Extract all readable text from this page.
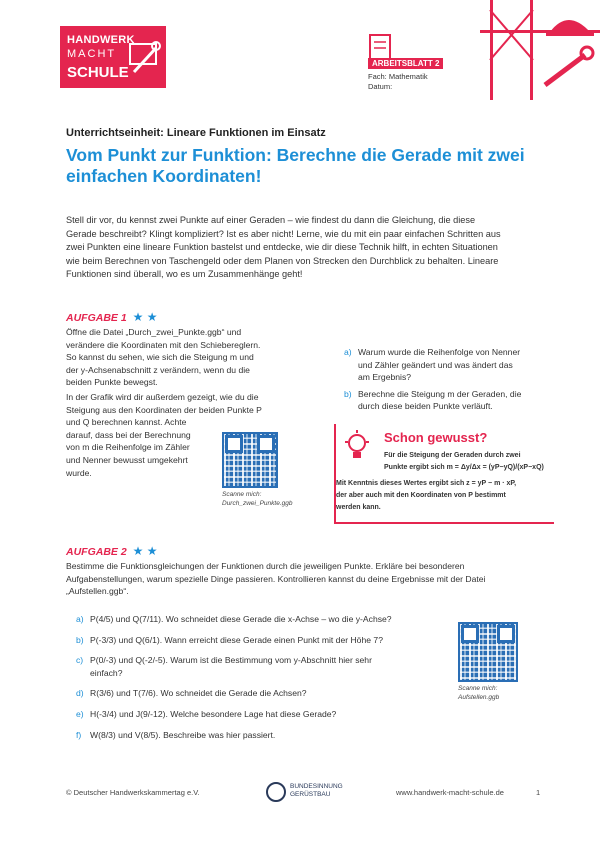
HANDWERK
MACHT
SCHULE
ARBEITSBLATT 2
Fach: Mathematik
Datum:
Unterrichtseinheit: Lineare Funktionen im Einsatz
Vom Punkt zur Funktion: Berechne die Gerade mit zwei
einfachen Koordinaten!
Stell dir vor, du kennst zwei Punkte auf einer Geraden – wie findest du dann die Gleichung, die diese
Gerade beschreibt? Klingt kompliziert? Ist es aber nicht! Lerne, wie du mit ein paar einfachen Schritten aus
zwei Punkten eine lineare Funktion bastelst und entdecke, wie dir diese Technik hilft, in echten Situationen
wie beim Berechnen von Taschengeld oder dem Planen von Strecken den Durchblick zu behalten. Lineare
Funktionen sind überall, wo es um Zusammenhänge geht!
AUFGABE 1 ★ ★
Öffne die Datei „Durch_zwei_Punkte.ggb“ und
verändere die Koordinaten mit den Schiebereglern.
So kannst du sehen, wie sich die Steigung m und
der y-Achsenabschnitt z verändern, wenn du die
beiden Punkte bewegst.
In der Grafik wird dir außerdem gezeigt, wie du die
Steigung aus den Koordinaten der beiden Punkte P
und Q berechnen kannst. Achte
darauf, dass bei der Berechnung
von m die Reihenfolge im Zähler
und Nenner bewusst umgekehrt
wurde.
Scanne mich:
Durch_zwei_Punkte.ggb
a) Warum wurde die Reihenfolge von Nenner
und Zähler geändert und was ändert das
am Ergebnis?
b) Berechne die Steigung m der Geraden, die
durch diese beiden Punkte verläuft.
Schon gewusst?
Für die Steigung der Geraden durch zwei
Punkte ergibt sich m = Δy/Δx = (yP−yQ)/(xP−xQ)
Mit Kenntnis dieses Wertes ergibt sich z = yP − m · xP,
der aber auch mit den Koordinaten von P bestimmt
werden kann.
AUFGABE 2 ★ ★
Bestimme die Funktionsgleichungen der Funktionen durch die jeweiligen Punkte. Erkläre bei besonderen
Aufgabenstellungen, warum spezielle Dinge passieren. Kontrollieren kannst du deine Ergebnisse mit der Datei
„Aufstellen.ggb“.
a) P(4/5) und Q(7/11). Wo schneidet diese Gerade die x-Achse – wo die y-Achse?
b) P(-3/3) und Q(6/1). Wann erreicht diese Gerade einen Punkt mit der Höhe 7?
c) P(0/-3) und Q(-2/-5). Warum ist die Bestimmung vom y-Abschnitt hier sehr
einfach?
d) R(3/6) und T(7/6). Wo schneidet die Gerade die Achsen?
e) H(-3/4) und J(9/-12). Welche besondere Lage hat diese Gerade?
f)	W(8/3) und V(8/5). Beschreibe was hier passiert.
Scanne mich:
Aufstellen.ggb
© Deutscher Handwerkskammertag e.V.
BUNDESINNUNG
GERÜSTBAU	www.handwerk-macht-schule.de	1
